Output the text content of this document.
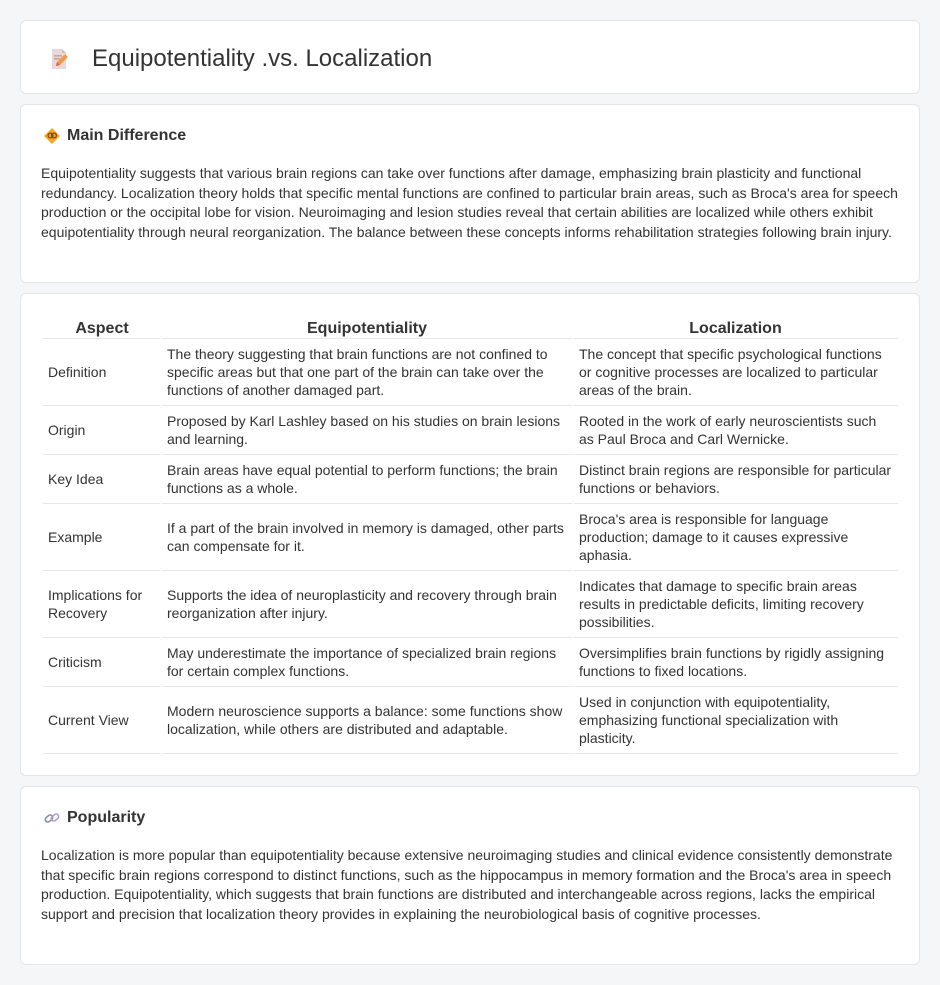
Equipotentiality .vs. Localization
Main Difference

Equipotentiality suggests that various brain regions can take over functions after damage, emphasizing brain plasticity and functional redundancy. Localization theory holds that specific mental functions are confined to particular brain areas, such as Broca's area for speech production or the occipital lobe for vision. Neuroimaging and lesion studies reveal that certain abilities are localized while others exhibit equipotentiality through neural reorganization. The balance between these concepts informs rehabilitation strategies following brain injury.

Aspect	Equipotentiality	Localization
Definition	The theory suggesting that brain functions are not confined to specific areas but that one part of the brain can take over the functions of another damaged part.	The concept that specific psychological functions or cognitive processes are localized to particular areas of the brain.
Origin	Proposed by Karl Lashley based on his studies on brain lesions and learning.	Rooted in the work of early neuroscientists such as Paul Broca and Carl Wernicke.
Key Idea	Brain areas have equal potential to perform functions; the brain functions as a whole.	Distinct brain regions are responsible for particular functions or behaviors.
Example	If a part of the brain involved in memory is damaged, other parts can compensate for it.	Broca's area is responsible for language production; damage to it causes expressive aphasia.
Implications for Recovery	Supports the idea of neuroplasticity and recovery through brain reorganization after injury.	Indicates that damage to specific brain areas results in predictable deficits, limiting recovery possibilities.
Criticism	May underestimate the importance of specialized brain regions for certain complex functions.	Oversimplifies brain functions by rigidly assigning functions to fixed locations.
Current View	Modern neuroscience supports a balance: some functions show localization, while others are distributed and adaptable.	Used in conjunction with equipotentiality, emphasizing functional specialization with plasticity.
Popularity

Localization is more popular than equipotentiality because extensive neuroimaging studies and clinical evidence consistently demonstrate that specific brain regions correspond to distinct functions, such as the hippocampus in memory formation and the Broca's area in speech production. Equipotentiality, which suggests that brain functions are distributed and interchangeable across regions, lacks the empirical support and precision that localization theory provides in explaining the neurobiological basis of cognitive processes.
